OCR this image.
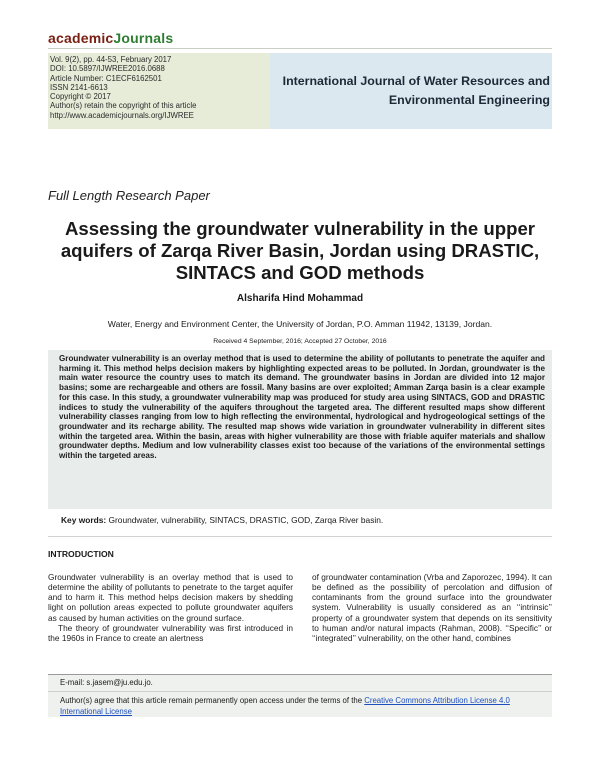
academicJournals
Vol. 9(2), pp. 44-53, February 2017
DOI: 10.5897/IJWREE2016.0688
Article Number: C1ECF6162501
ISSN 2141-6613
Copyright © 2017
Author(s) retain the copyright of this article
http://www.academicjournals.org/IJWREE
International Journal of Water Resources and
Environmental Engineering
Full Length Research Paper
Assessing the groundwater vulnerability in the upper
aquifers of Zarqa River Basin, Jordan using DRASTIC,
SINTACS and GOD methods
Alsharifa Hind Mohammad
Water, Energy and Environment Center, the University of Jordan, P.O. Amman 11942, 13139, Jordan.
Received 4 September, 2016; Accepted 27 October, 2016
Groundwater vulnerability is an overlay method that is used to determine the ability of pollutants to penetrate the aquifer and harming it. This method helps decision makers by highlighting expected areas to be polluted. In Jordan, groundwater is the main water resource the country uses to match its demand. The groundwater basins in Jordan are divided into 12 major basins; some are rechargeable and others are fossil. Many basins are over exploited; Amman Zarqa basin is a clear example for this case. In this study, a groundwater vulnerability map was produced for study area using SINTACS, GOD and DRASTIC indices to study the vulnerability of the aquifers throughout the targeted area. The different resulted maps show different vulnerability classes ranging from low to high reflecting the environmental, hydrological and hydrogeological settings of the groundwater and its recharge ability. The resulted map shows wide variation in groundwater vulnerability in different sites within the targeted area. Within the basin, areas with higher vulnerability are those with friable aquifer materials and shallow groundwater depths. Medium and low vulnerability classes exist too because of the variations of the environmental settings within the targeted areas.
Key words: Groundwater, vulnerability, SINTACS, DRASTIC, GOD, Zarqa River basin.
INTRODUCTION

Groundwater vulnerability is an overlay method that is used to determine the ability of pollutants to penetrate to the target aquifer and to harm it. This method helps decision makers by shedding light on pollution areas expected to pollute groundwater aquifers as caused by human activities on the ground surface.

The theory of groundwater vulnerability was first introduced in the 1960s in France to create an alertness

of groundwater contamination (Vrba and Zaporozec, 1994). It can be defined as the possibility of percolation and diffusion of contaminants from the ground surface into the groundwater system. Vulnerability is usually considered as an ‘‘intrinsic’’ property of a groundwater system that depends on its sensitivity to human and/or natural impacts (Rahman, 2008). ‘‘Specific’’ or ‘‘integrated’’ vulnerability, on the other hand, combines

E-mail: s.jasem@ju.edu.jo.
Author(s) agree that this article remain permanently open access under the terms of the Creative Commons Attribution License 4.0 International License
